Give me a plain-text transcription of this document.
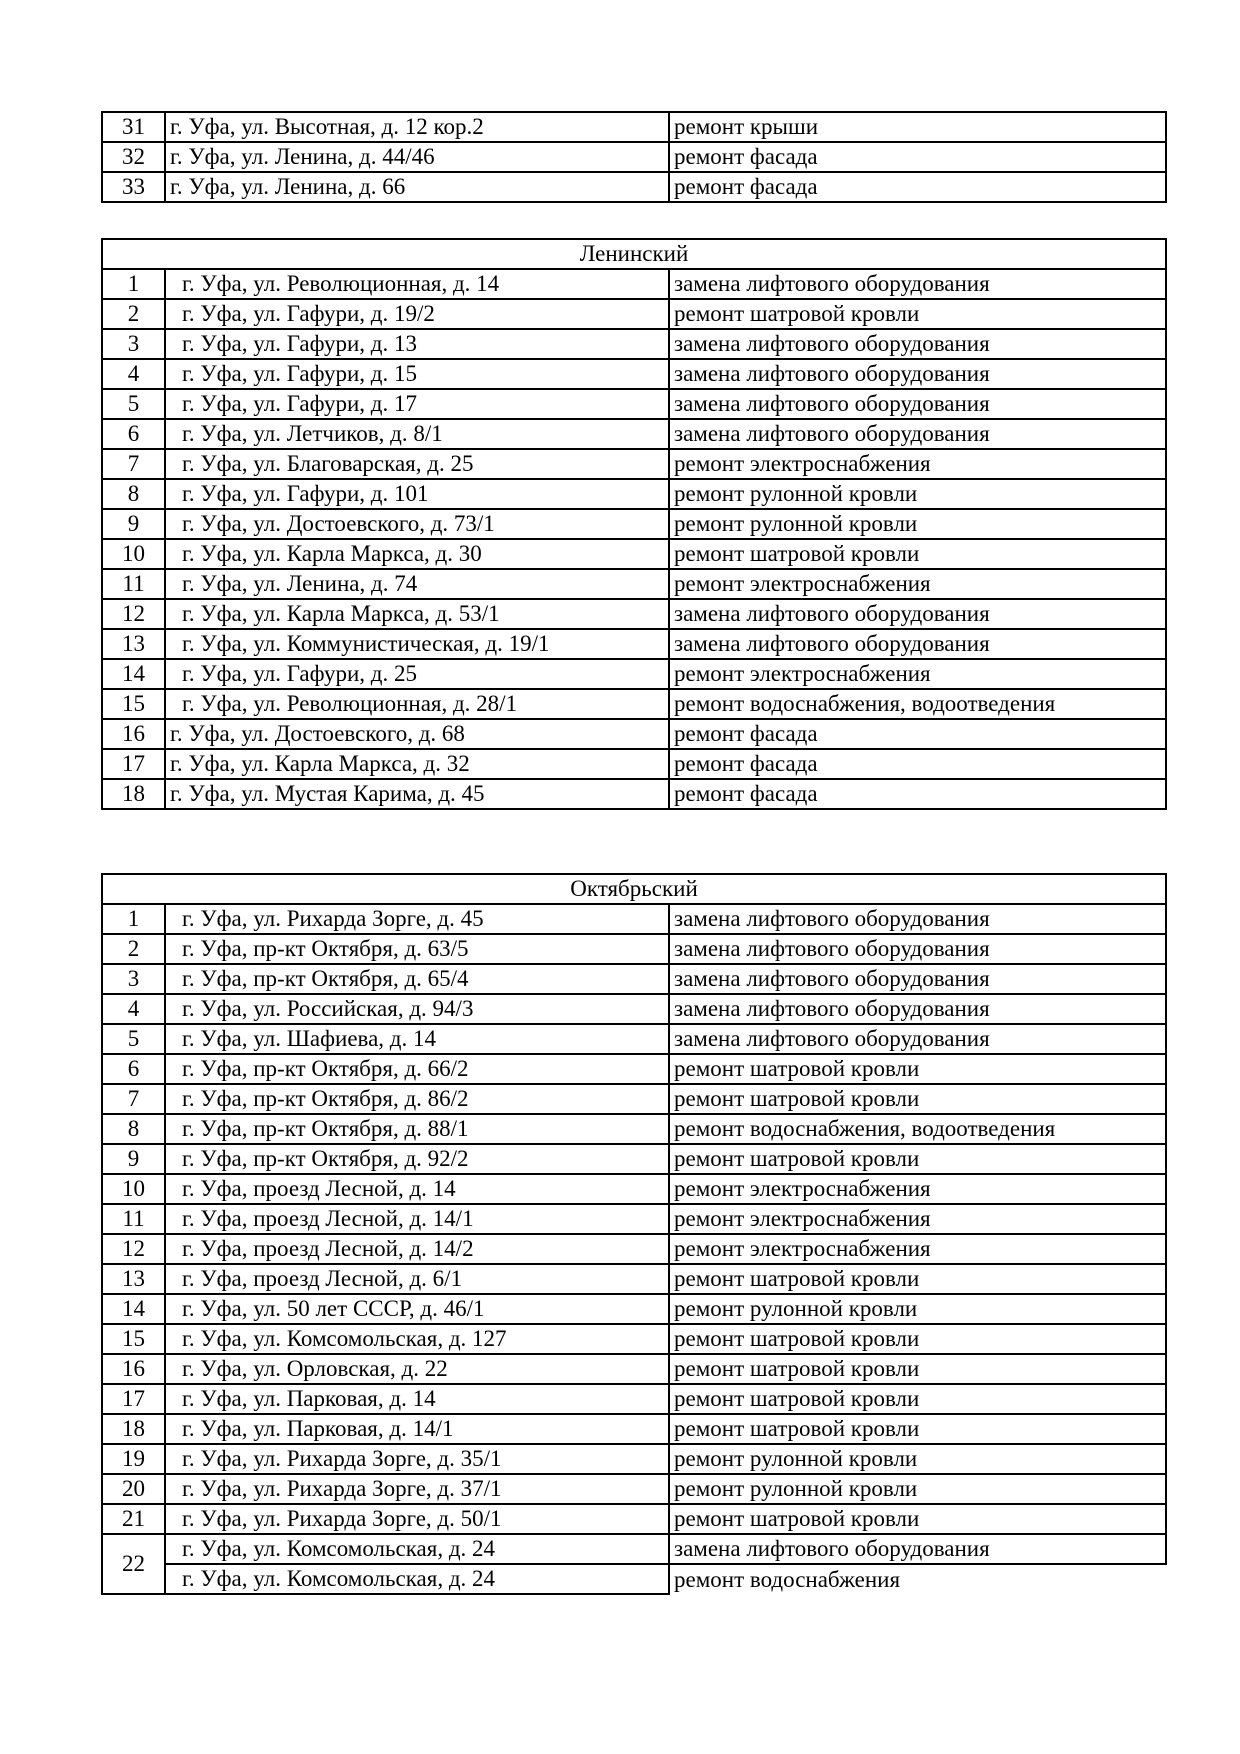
31	г. Уфа, ул. Высотная, д. 12 кор.2	ремонт крыши
32	г. Уфа, ул. Ленина, д. 44/46	ремонт фасада
33	г. Уфа, ул. Ленина, д. 66	ремонт фасада
Ленинский		
1	г. Уфа, ул. Революционная, д. 14	замена лифтового оборудования
2	г. Уфа, ул. Гафури, д. 19/2	ремонт шатровой кровли
3	г. Уфа, ул. Гафури, д. 13	замена лифтового оборудования
4	г. Уфа, ул. Гафури, д. 15	замена лифтового оборудования
5	г. Уфа, ул. Гафури, д. 17	замена лифтового оборудования
6	г. Уфа, ул. Летчиков, д. 8/1	замена лифтового оборудования
7	г. Уфа, ул. Благоварская, д. 25	ремонт электроснабжения
8	г. Уфа, ул. Гафури, д. 101	ремонт рулонной кровли
9	г. Уфа, ул. Достоевского, д. 73/1	ремонт рулонной кровли
10	г. Уфа, ул. Карла Маркса, д. 30	ремонт шатровой кровли
11	г. Уфа, ул. Ленина, д. 74	ремонт электроснабжения
12	г. Уфа, ул. Карла Маркса, д. 53/1	замена лифтового оборудования
13	г. Уфа, ул. Коммунистическая, д. 19/1	замена лифтового оборудования
14	г. Уфа, ул. Гафури, д. 25	ремонт электроснабжения
15	г. Уфа, ул. Революционная, д. 28/1	ремонт водоснабжения, водоотведения
16	г. Уфа, ул. Достоевского, д. 68	ремонт фасада
17	г. Уфа, ул. Карла Маркса, д. 32	ремонт фасада
18	г. Уфа, ул. Мустая Карима, д. 45	ремонт фасада
Октябрьский		
1	г. Уфа, ул. Рихарда Зорге, д. 45	замена лифтового оборудования
2	г. Уфа, пр-кт Октября, д. 63/5	замена лифтового оборудования
3	г. Уфа, пр-кт Октября, д. 65/4	замена лифтового оборудования
4	г. Уфа, ул. Российская, д. 94/3	замена лифтового оборудования
5	г. Уфа, ул. Шафиева, д. 14	замена лифтового оборудования
6	г. Уфа, пр-кт Октября, д. 66/2	ремонт шатровой кровли
7	г. Уфа, пр-кт Октября, д. 86/2	ремонт шатровой кровли
8	г. Уфа, пр-кт Октября, д. 88/1	ремонт водоснабжения, водоотведения
9	г. Уфа, пр-кт Октября, д. 92/2	ремонт шатровой кровли
10	г. Уфа, проезд Лесной, д. 14	ремонт электроснабжения
11	г. Уфа, проезд Лесной, д. 14/1	ремонт электроснабжения
12	г. Уфа, проезд Лесной, д. 14/2	ремонт электроснабжения
13	г. Уфа, проезд Лесной, д. 6/1	ремонт шатровой кровли
14	г. Уфа, ул. 50 лет СССР, д. 46/1	ремонт рулонной кровли
15	г. Уфа, ул. Комсомольская, д. 127	ремонт шатровой кровли
16	г. Уфа, ул. Орловская, д. 22	ремонт шатровой кровли
17	г. Уфа, ул. Парковая, д. 14	ремонт шатровой кровли
18	г. Уфа, ул. Парковая, д. 14/1	ремонт шатровой кровли
19	г. Уфа, ул. Рихарда Зорге, д. 35/1	ремонт рулонной кровли
20	г. Уфа, ул. Рихарда Зорге, д. 37/1	ремонт рулонной кровли
21	г. Уфа, ул. Рихарда Зорге, д. 50/1	ремонт шатровой кровли
22	г. Уфа, ул. Комсомольская, д. 24	замена лифтового оборудования
	г. Уфа, ул. Комсомольская, д. 24	ремонт водоснабжения
